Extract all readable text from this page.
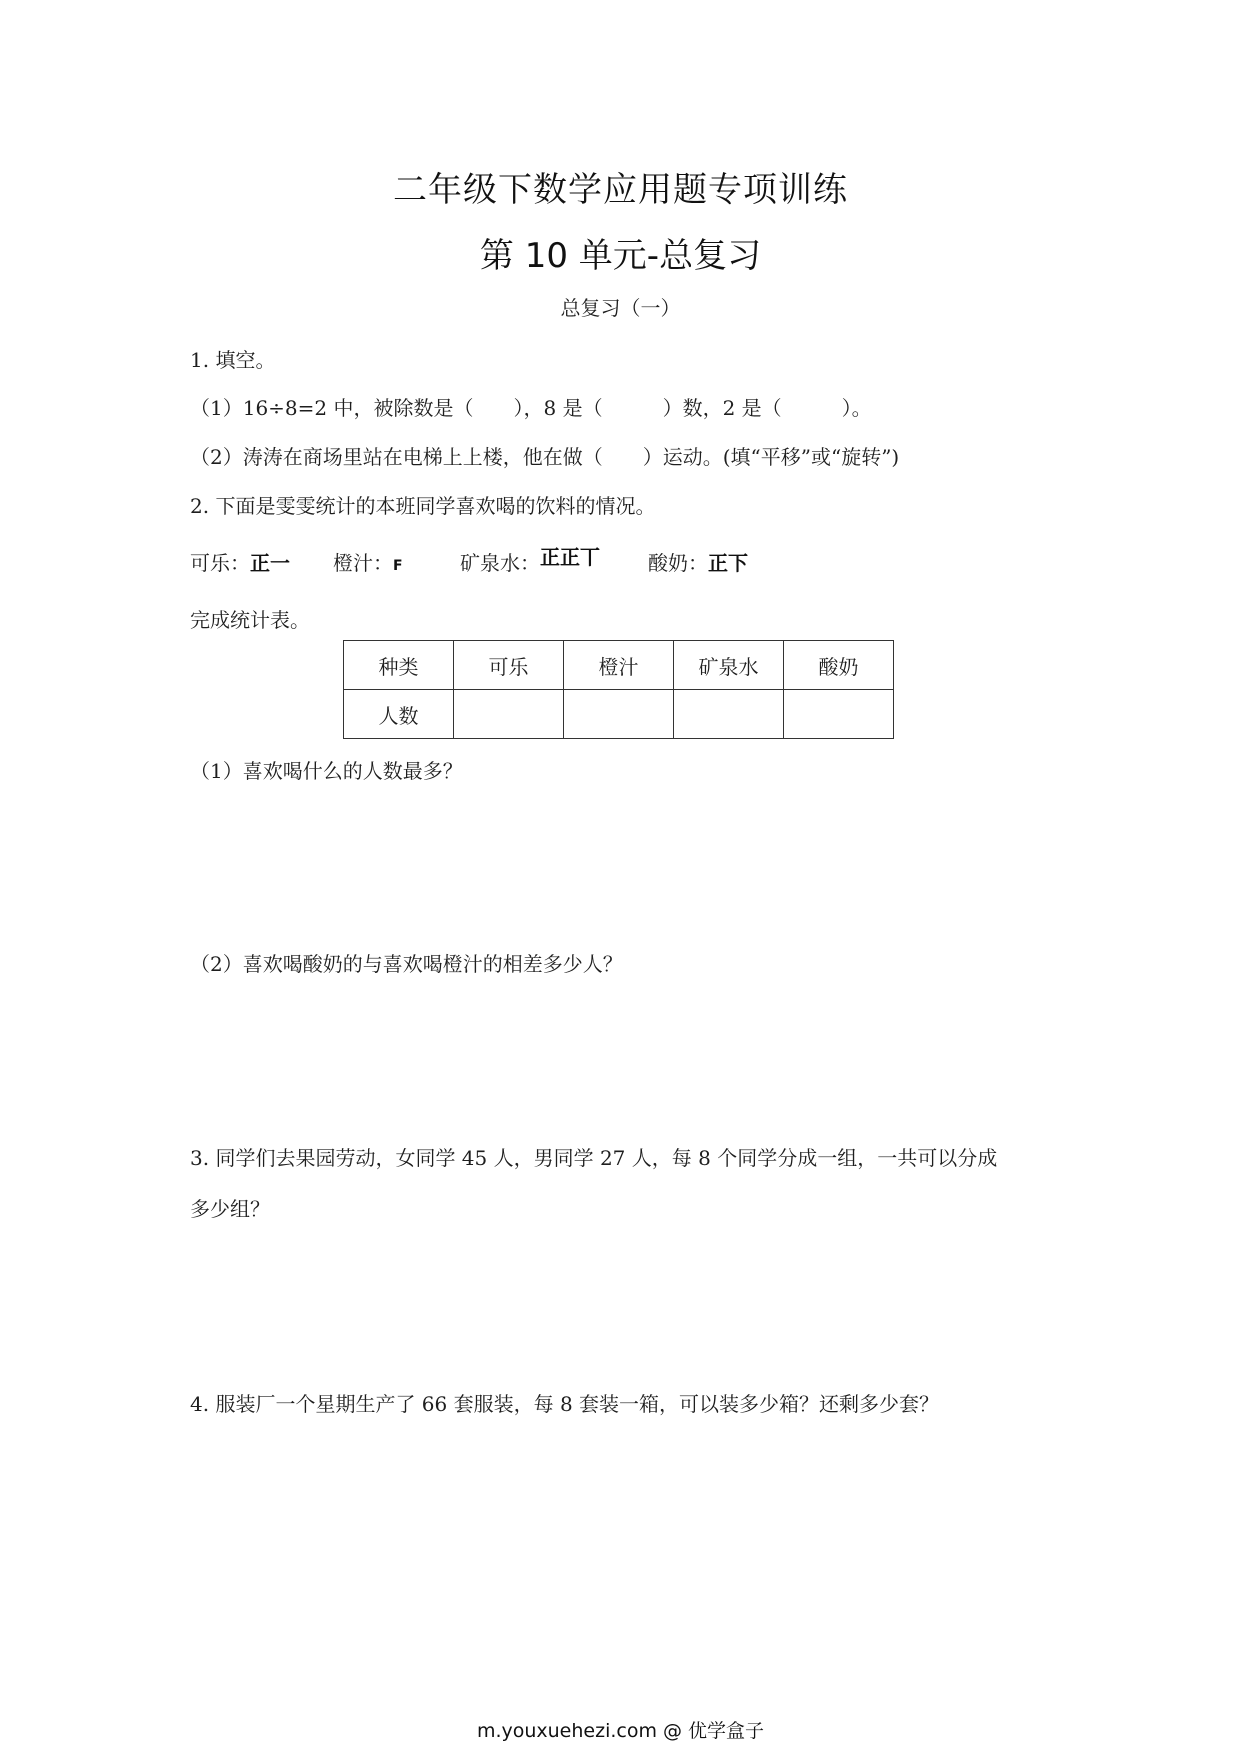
二年级下数学应用题专项训练
第 10 单元-总复习
总复习（一）
1. 填空。
（1）16÷8=2 中，被除数是（　　），8 是（　　　）数，2 是（　　　）。
（2）涛涛在商场里站在电梯上上楼，他在做（　　）运动。(填“平移”或“旋转”)
2. 下面是雯雯统计的本班同学喜欢喝的饮料的情况。
可乐：正一 橙汁：F	矿泉水：正正丅 酸奶：正下
完成统计表。
种类	可乐	橙汁	矿泉水	酸奶
人数				
（1）喜欢喝什么的人数最多？
（2）喜欢喝酸奶的与喜欢喝橙汁的相差多少人？
3. 同学们去果园劳动，女同学 45 人，男同学 27 人，每 8 个同学分成一组，一共可以分成
多少组？
4. 服装厂一个星期生产了 66 套服装，每 8 套装一箱，可以装多少箱？还剩多少套？
m.youxuehezi.com @ 优学盒子
